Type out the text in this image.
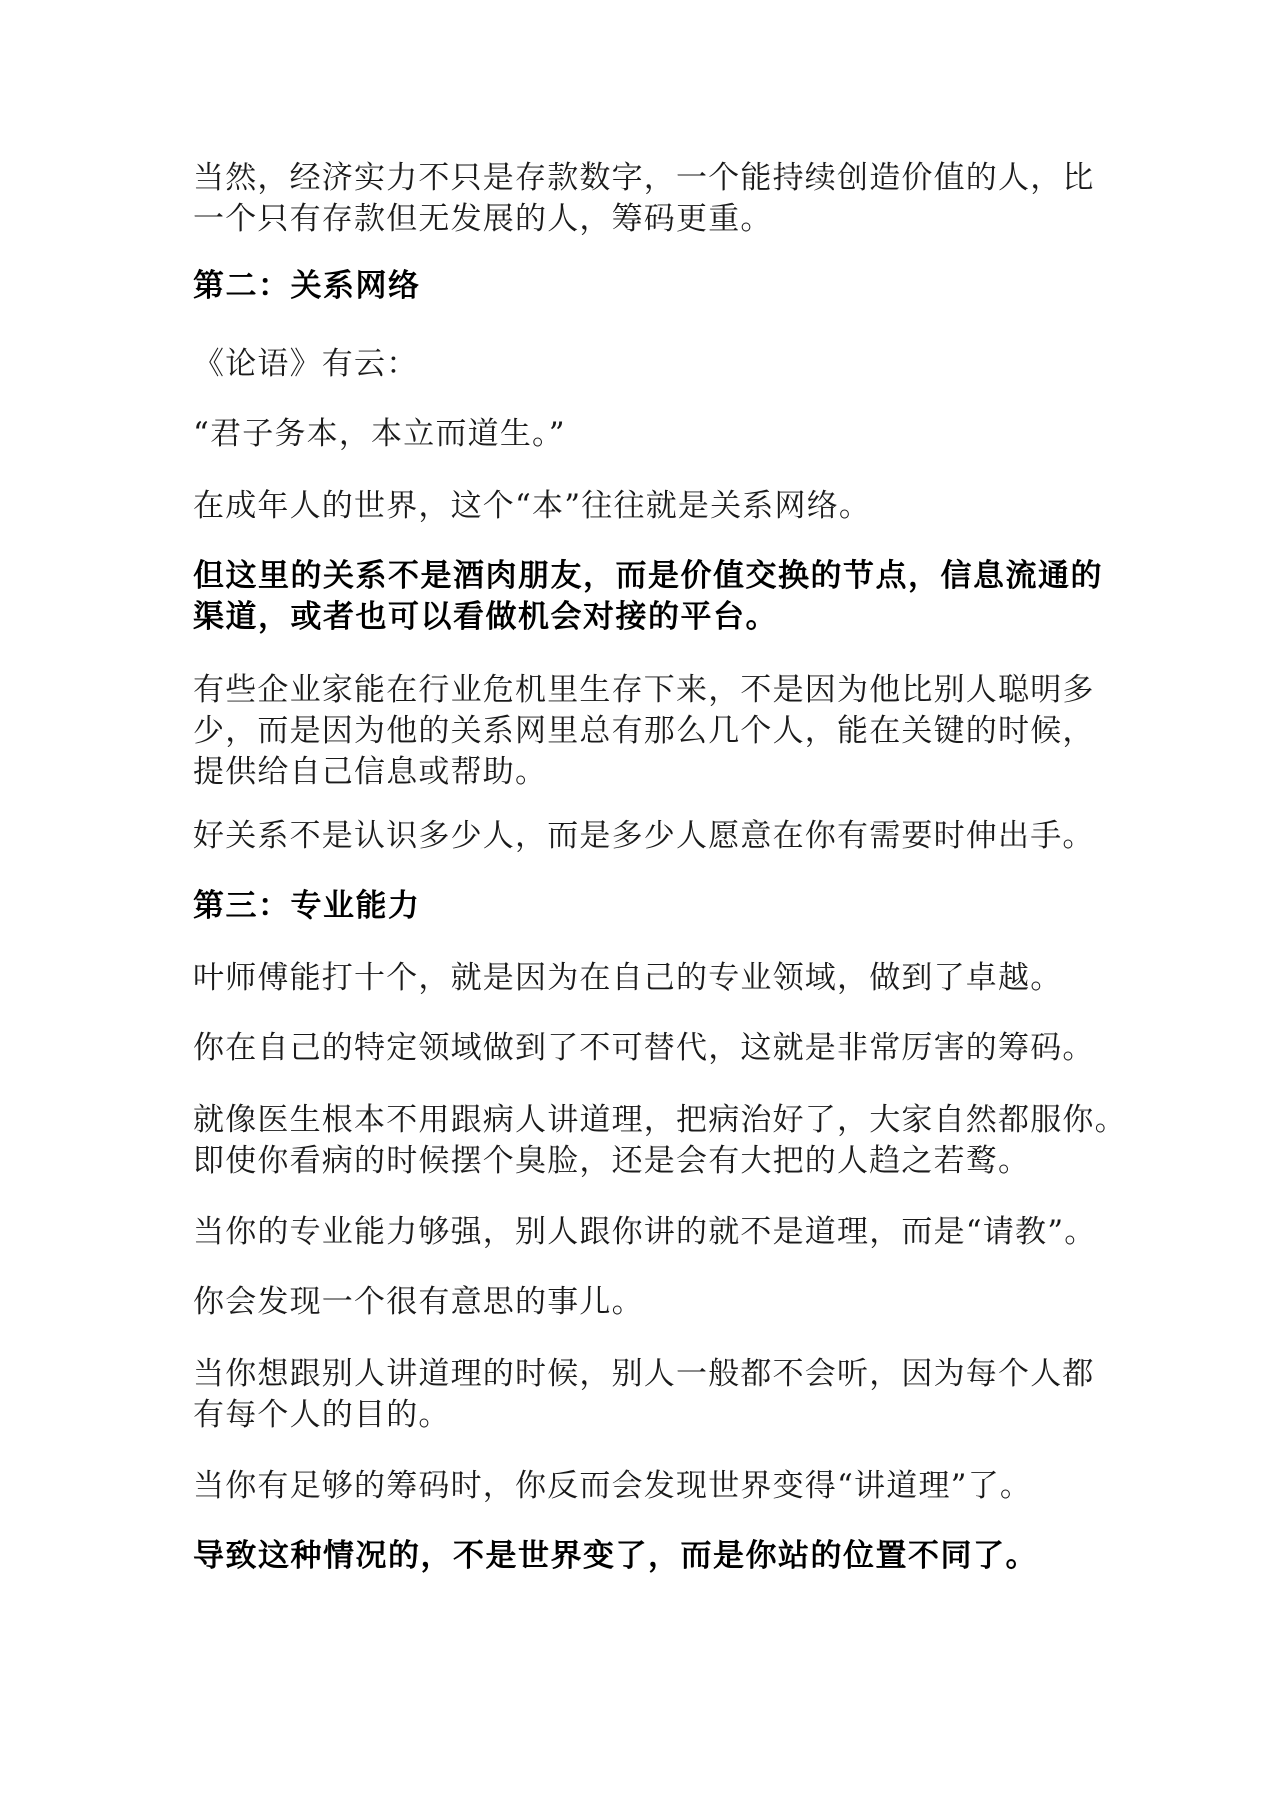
当然，经济实力不只是存款数字，一个能持续创造价值的人，比
一个只有存款但无发展的人，筹码更重。

第二：关系网络

《论语》有云：

“君子务本，本立而道生。”

在成年人的世界，这个“本”往往就是关系网络。

但这里的关系不是酒肉朋友，而是价值交换的节点，信息流通的
渠道，或者也可以看做机会对接的平台。

有些企业家能在行业危机里生存下来，不是因为他比别人聪明多
少，而是因为他的关系网里总有那么几个人，能在关键的时候，
提供给自己信息或帮助。

好关系不是认识多少人，而是多少人愿意在你有需要时伸出手。

第三：专业能力

叶师傅能打十个，就是因为在自己的专业领域，做到了卓越。

你在自己的特定领域做到了不可替代，这就是非常厉害的筹码。

就像医生根本不用跟病人讲道理，把病治好了，大家自然都服你。
即使你看病的时候摆个臭脸，还是会有大把的人趋之若鹜。

当你的专业能力够强，别人跟你讲的就不是道理，而是“请教”。

你会发现一个很有意思的事儿。

当你想跟别人讲道理的时候，别人一般都不会听，因为每个人都
有每个人的目的。

当你有足够的筹码时，你反而会发现世界变得“讲道理”了。

导致这种情况的，不是世界变了，而是你站的位置不同了。
